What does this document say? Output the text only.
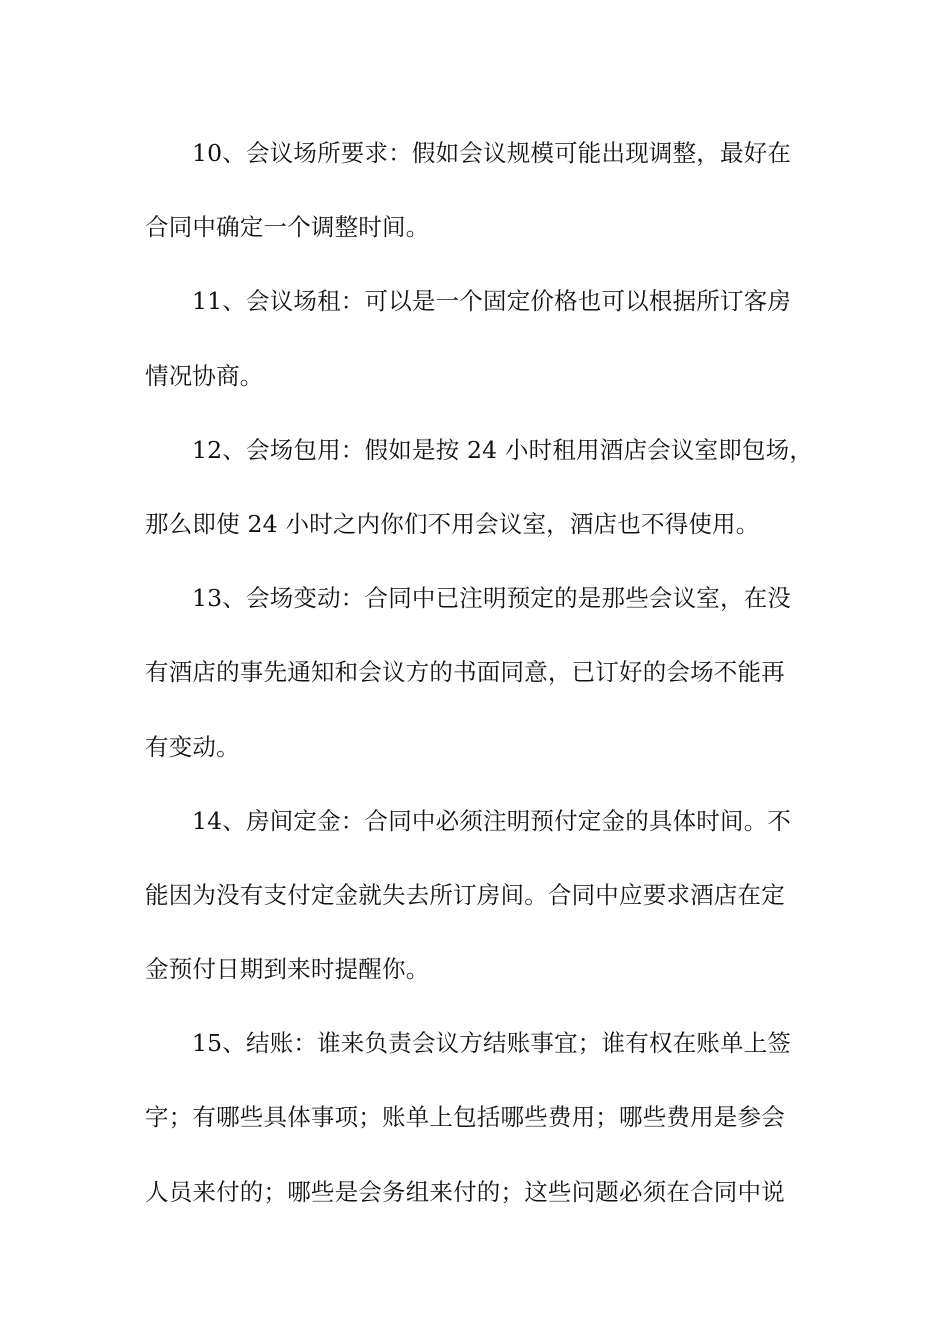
10、会议场所要求：假如会议规模可能出现调整，最好在
合同中确定一个调整时间。
11、会议场租：可以是一个固定价格也可以根据所订客房
情况协商。
12、会场包用：假如是按 24 小时租用酒店会议室即包场，
那么即使 24 小时之内你们不用会议室，酒店也不得使用。
13、会场变动：合同中已注明预定的是那些会议室，在没
有酒店的事先通知和会议方的书面同意，已订好的会场不能再
有变动。
14、房间定金：合同中必须注明预付定金的具体时间。不
能因为没有支付定金就失去所订房间。合同中应要求酒店在定
金预付日期到来时提醒你。
15、结账：谁来负责会议方结账事宜；谁有权在账单上签
字；有哪些具体事项；账单上包括哪些费用；哪些费用是参会
人员来付的；哪些是会务组来付的；这些问题必须在合同中说
